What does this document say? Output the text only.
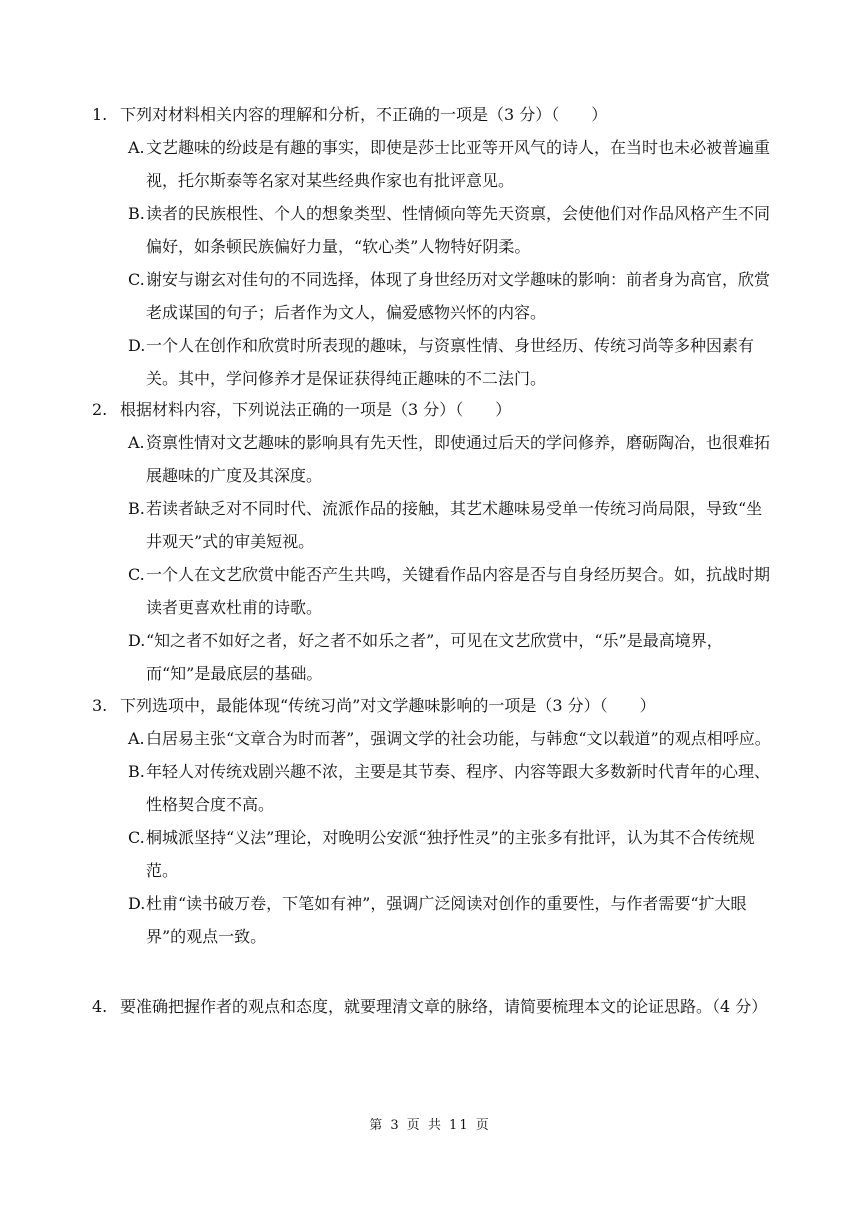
1. 下列对材料相关内容的理解和分析，不正确的一项是（3 分）（　　）
A. 文艺趣味的纷歧是有趣的事实，即使是莎士比亚等开风气的诗人，在当时也未必被普遍重视，托尔斯泰等名家对某些经典作家也有批评意见。
B. 读者的民族根性、个人的想象类型、性情倾向等先天资禀，会使他们对作品风格产生不同偏好，如条顿民族偏好力量，“软心类”人物特好阴柔。
C. 谢安与谢玄对佳句的不同选择，体现了身世经历对文学趣味的影响：前者身为高官，欣赏老成谋国的句子；后者作为文人，偏爱感物兴怀的内容。
D. 一个人在创作和欣赏时所表现的趣味，与资禀性情、身世经历、传统习尚等多种因素有关。其中，学问修养才是保证获得纯正趣味的不二法门。
2. 根据材料内容，下列说法正确的一项是（3 分）（　　）
A. 资禀性情对文艺趣味的影响具有先天性，即使通过后天的学问修养，磨砺陶冶，也很难拓展趣味的广度及其深度。
B. 若读者缺乏对不同时代、流派作品的接触，其艺术趣味易受单一传统习尚局限，导致“坐井观天”式的审美短视。
C. 一个人在文艺欣赏中能否产生共鸣，关键看作品内容是否与自身经历契合。如，抗战时期读者更喜欢杜甫的诗歌。
D. “知之者不如好之者，好之者不如乐之者”，可见在文艺欣赏中，“乐”是最高境界，而“知”是最底层的基础。
3. 下列选项中，最能体现“传统习尚”对文学趣味影响的一项是（3 分）（　　）
A. 白居易主张“文章合为时而著”，强调文学的社会功能，与韩愈“文以载道”的观点相呼应。
B. 年轻人对传统戏剧兴趣不浓，主要是其节奏、程序、内容等跟大多数新时代青年的心理、性格契合度不高。
C. 桐城派坚持“义法”理论，对晚明公安派“独抒性灵”的主张多有批评，认为其不合传统规范。
D. 杜甫“读书破万卷，下笔如有神”，强调广泛阅读对创作的重要性，与作者需要“扩大眼界”的观点一致。
4. 要准确把握作者的观点和态度，就要理清文章的脉络，请简要梳理本文的论证思路。（4 分）
第 3 页 共 11 页
